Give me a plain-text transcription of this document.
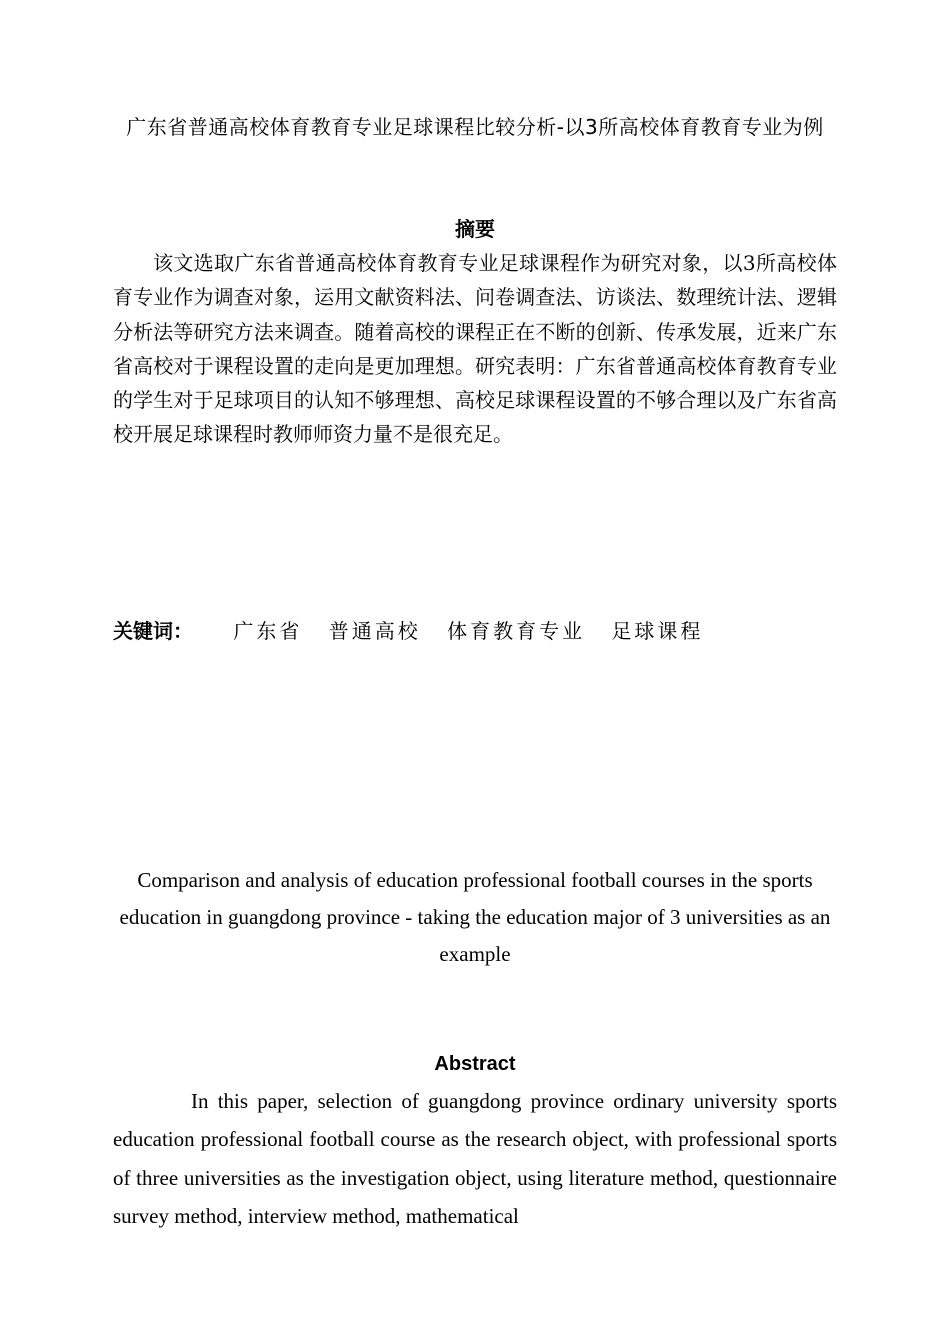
广东省普通高校体育教育专业足球课程比较分析-以3所高校体育教育专业为例
摘要
该文选取广东省普通高校体育教育专业足球课程作为研究对象，以3所高校体育专业作为调查对象，运用文献资料法、问卷调查法、访谈法、数理统计法、逻辑分析法等研究方法来调查。随着高校的课程正在不断的创新、传承发展，近来广东省高校对于课程设置的走向是更加理想。研究表明：广东省普通高校体育教育专业的学生对于足球项目的认知不够理想、高校足球课程设置的不够合理以及广东省高校开展足球课程时教师师资力量不是很充足。
关键词： 广东省 普通高校 体育教育专业 足球课程
Comparison and analysis of education professional football courses in the sports education in guangdong province - taking the education major of 3 universities as an example
Abstract
In this paper, selection of guangdong province ordinary university sports education professional football course as the research object, with professional sports of three universities as the investigation object, using literature method, questionnaire survey method, interview method, mathematical
